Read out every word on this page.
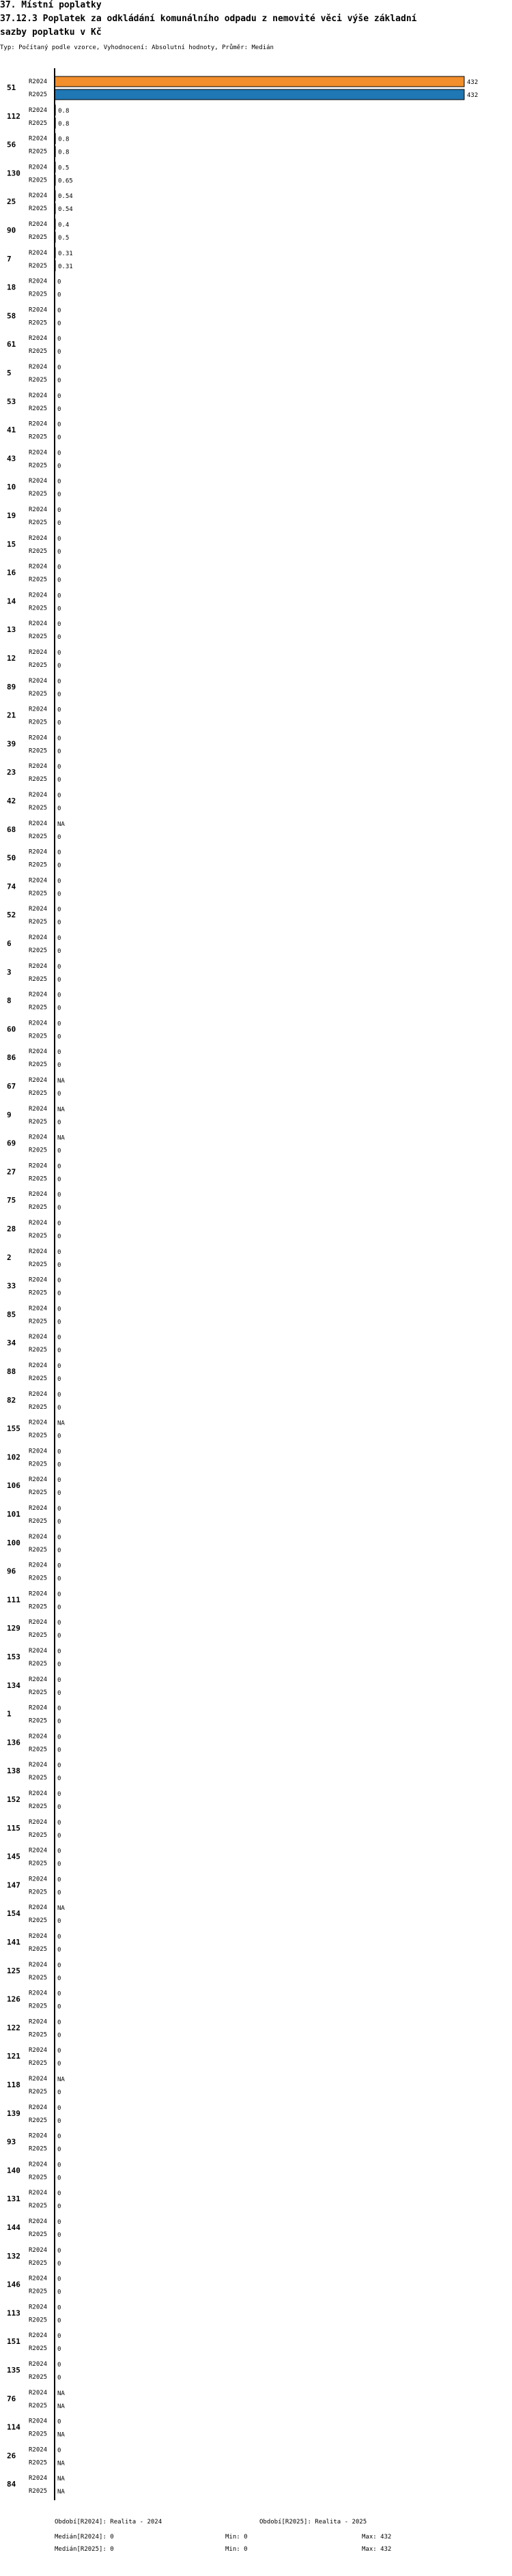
37. Místní poplatky
37.12.3 Poplatek za odkládání komunálního odpadu z nemovité věci výše základní
sazby poplatku v Kč
Typ: Počítaný podle vzorce, Vyhodnocení: Absolutní hodnoty, Průměr: Medián
51
R2024	432
R2025	432
112
R2024 0.8
R2025 0.8
56
R2024 0.8
R2025 0.8
130
R2024 0.5
R2025 0.65
25
R2024 0.54
R2025 0.54
90
R2024 0.4
R2025 0.5
7
R2024 0.31
R2025 0.31
18
R2024 0
R2025 0
58
R2024 0
R2025 0
61
R2024 0
R2025 0
5
R2024 0
R2025 0
53
R2024 0
R2025 0
41
R2024 0
R2025 0
43
R2024 0
R2025 0
10
R2024 0
R2025 0
19
R2024 0
R2025 0
15
R2024 0
R2025 0
16
R2024 0
R2025 0
14
R2024 0
R2025 0
13
R2024 0
R2025 0
12
R2024 0
R2025 0
89
R2024 0
R2025 0
21
R2024 0
R2025 0
39
R2024 0
R2025 0
23
R2024 0
R2025 0
42
R2024 0
R2025 0
68
R2024 NA
R2025 0
50
R2024 0
R2025 0
74
R2024 0
R2025 0
52
R2024 0
R2025 0
6
R2024 0
R2025 0
3
R2024 0
R2025 0
8
R2024 0
R2025 0
60
R2024 0
R2025 0
86
R2024 0
R2025 0
67
R2024 NA
R2025 0
9
R2024 NA
R2025 0
69
R2024 NA
R2025 0
27
R2024 0
R2025 0
75
R2024 0
R2025 0
28
R2024 0
R2025 0
2
R2024 0
R2025 0
33
R2024 0
R2025 0
85
R2024 0
R2025 0
34
R2024 0
R2025 0
88
R2024 0
R2025 0
82
R2024 0
R2025 0
155
R2024 NA
R2025 0
102
R2024 0
R2025 0
106
R2024 0
R2025 0
101
R2024 0
R2025 0
100
R2024 0
R2025 0
96
R2024 0
R2025 0
111
R2024 0
R2025 0
129
R2024 0
R2025 0
153
R2024 0
R2025 0
134
R2024 0
R2025 0
1
R2024 0
R2025 0
136
R2024 0
R2025 0
138
R2024 0
R2025 0
152
R2024 0
R2025 0
115
R2024 0
R2025 0
145
R2024 0
R2025 0
147
R2024 0
R2025 0
154
R2024 NA
R2025 0
141
R2024 0
R2025 0
125
R2024 0
R2025 0
126
R2024 0
R2025 0
122
R2024 0
R2025 0
121
R2024 0
R2025 0
118
R2024 NA
R2025 0
139
R2024 0
R2025 0
93
R2024 0
R2025 0
140
R2024 0
R2025 0
131
R2024 0
R2025 0
144
R2024 0
R2025 0
132
R2024 0
R2025 0
146
R2024 0
R2025 0
113
R2024 0
R2025 0
151
R2024 0
R2025 0
135
R2024 0
R2025 0
76
R2024 NA
R2025 NA
114
R2024 0
R2025 NA
26
R2024 0
R2025 NA
84
R2024 NA
R2025 NA
Období[R2024]: Realita - 2024	Období[R2025]: Realita - 2025
Medián[R2024]: 0	Min: 0	Max: 432
Medián[R2025]: 0	Min: 0	Max: 432
